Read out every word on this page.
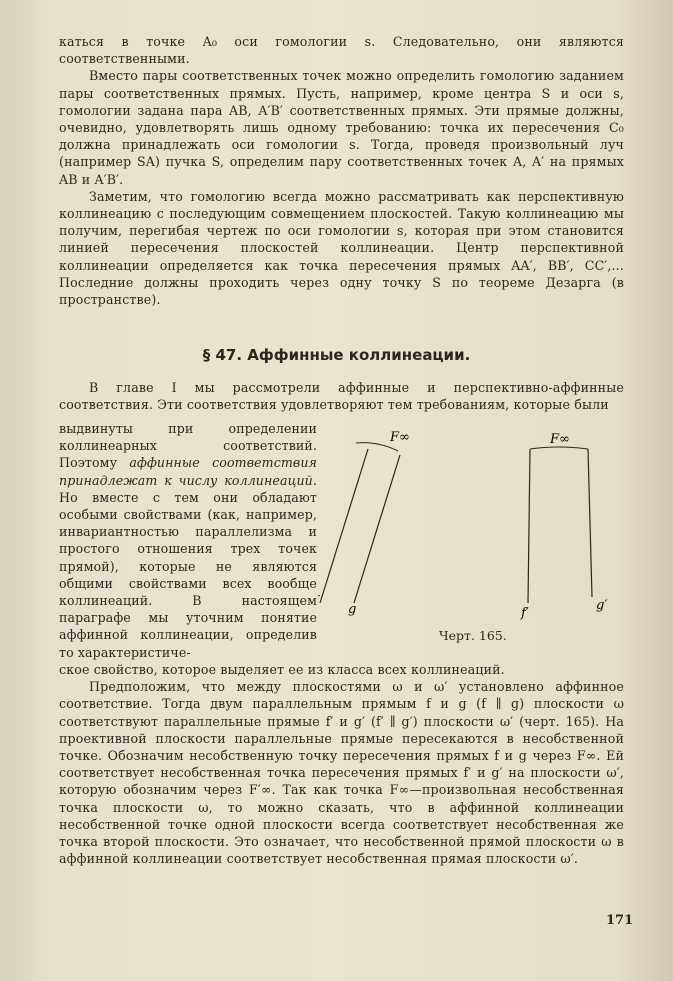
каться в точке A₀ оси гомологии s. Следовательно, они являются соответственными.

Вместо пары соответственных точек можно определить гомологию заданием пары соответственных прямых. Пусть, например, кроме центра S и оси s, гомологии задана пара AB, A′B′ соответственных прямых. Эти прямые должны, очевидно, удовлетворять лишь одному требованию: точка их пересечения C₀ должна принадлежать оси гомологии s. Тогда, проведя произвольный луч (например SA) пучка S, определим пару соответственных точек A, A′ на прямых AB и A′B′.

Заметим, что гомологию всегда можно рассматривать как перспективную коллинеацию с последующим совмещением плоскостей. Такую коллинеацию мы получим, перегибая чертеж по оси гомологии s, которая при этом становится линией пересечения плоскостей коллинеации. Центр перспективной коллинеации определяется как точка пересечения прямых AA′, BB′, CC′,... Последние должны проходить через одну точку S по теореме Дезарга (в пространстве).

§ 47. Аффинные коллинеации.

В главе I мы рассмотрели аффинные и перспективно-аффинные соответствия. Эти соответствия удовлетворяют тем требованиям, которые были

выдвинуты при определении коллинеарных соответствий. Поэтому аффинные соответствия принадлежат к числу коллинеаций. Но вместе с тем они обладают особыми свойствами (как, например, инвариантностью параллелизма и простого отношения трех точек прямой), которые не являются общими свойствами всех вообще коллинеаций. В настоящем параграфе мы уточним понятие аффинной коллинеации, определив то характеристиче-

F∞
g
F∞
f′
g′
Черт. 165.

ское свойство, которое выделяет ее из класса всех коллинеаций.

Предположим, что между плоскостями ω и ω′ установлено аффинное соответствие. Тогда двум параллельным прямым f и g (f ∥ g) плоскости ω соответствуют параллельные прямые f′ и g′ (f′ ∥ g′) плоскости ω′ (черт. 165). На проективной плоскости параллельные прямые пересекаются в несобственной точке. Обозначим несобственную точку пересечения прямых f и g через F∞. Ей соответствует несобственная точка пересечения прямых f′ и g′ на плоскости ω′, которую обозначим через F′∞. Так как точка F∞—произвольная несобственная точка плоскости ω, то можно сказать, что в аффинной коллинеации несобственной точке одной плоскости всегда соответствует несобственная же точка второй плоскости. Это означает, что несобственной прямой плоскости ω в аффинной коллинеации соответствует несобственная прямая плоскости ω′.

171
